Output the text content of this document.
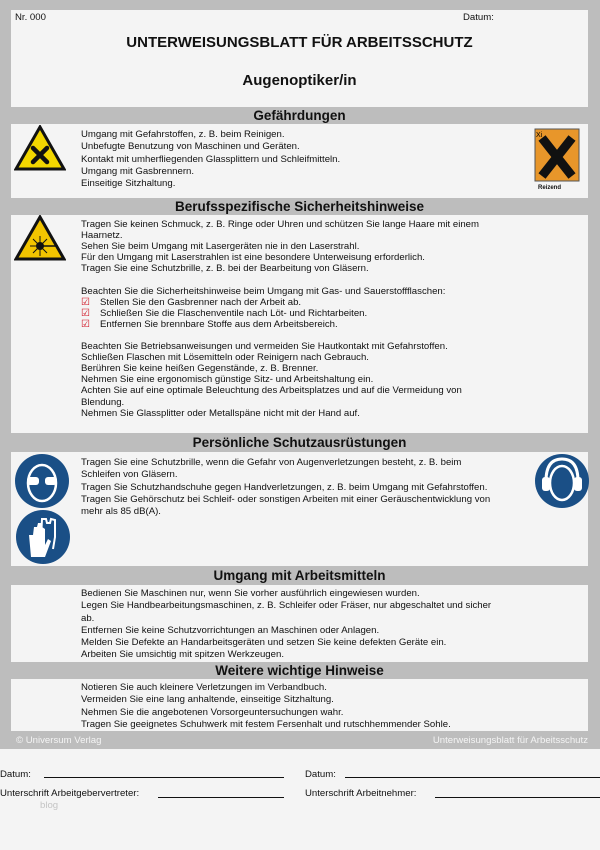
Nr. 000	Datum:
UNTERWEISUNGSBLATT FÜR ARBEITSSCHUTZ
Augenoptiker/in
Gefährdungen
Xi
Reizend
Umgang mit Gefahrstoffen, z. B. beim Reinigen.
Unbefugte Benutzung von Maschinen und Geräten.
Kontakt mit umherfliegenden Glassplittern und Schleifmitteln.
Umgang mit Gasbrennern.
Einseitige Sitzhaltung.
Berufsspezifische Sicherheitshinweise
Tragen Sie keinen Schmuck, z. B. Ringe oder Uhren und schützen Sie lange Haare mit einem
Haarnetz.
Sehen Sie beim Umgang mit Lasergeräten nie in den Laserstrahl.
Für den Umgang mit Laserstrahlen ist eine besondere Unterweisung erforderlich.
Tragen Sie eine Schutzbrille, z. B. bei der Bearbeitung von Gläsern.
Beachten Sie die Sicherheitshinweise beim Umgang mit Gas- und Sauerstoffflaschen:
☑ Stellen Sie den Gasbrenner nach der Arbeit ab.
☑ Schließen Sie die Flaschenventile nach Löt- und Richtarbeiten.
☑ Entfernen Sie brennbare Stoffe aus dem Arbeitsbereich.
Beachten Sie Betriebsanweisungen und vermeiden Sie Hautkontakt mit Gefahrstoffen.
Schließen Flaschen mit Lösemitteln oder Reinigern nach Gebrauch.
Berühren Sie keine heißen Gegenstände, z. B. Brenner.
Nehmen Sie eine ergonomisch günstige Sitz- und Arbeitshaltung ein.
Achten Sie auf eine optimale Beleuchtung des Arbeitsplatzes und auf die Vermeidung von
Blendung.
Nehmen Sie Glassplitter oder Metallspäne nicht mit der Hand auf.
Persönliche Schutzausrüstungen
Tragen Sie eine Schutzbrille, wenn die Gefahr von Augenverletzungen besteht, z. B. beim
Schleifen von Gläsern.
Tragen Sie Schutzhandschuhe gegen Handverletzungen, z. B. beim Umgang mit Gefahrstoffen.
Tragen Sie Gehörschutz bei Schleif- oder sonstigen Arbeiten mit einer Geräuschentwicklung von
mehr als 85 dB(A).
Umgang mit Arbeitsmitteln
Bedienen Sie Maschinen nur, wenn Sie vorher ausführlich eingewiesen wurden.
Legen Sie Handbearbeitungsmaschinen, z. B. Schleifer oder Fräser, nur abgeschaltet und sicher
ab.
Entfernen Sie keine Schutzvorrichtungen an Maschinen oder Anlagen.
Melden Sie Defekte an Handarbeitsgeräten und setzen Sie keine defekten Geräte ein.
Arbeiten Sie umsichtig mit spitzen Werkzeugen.
Weitere wichtige Hinweise
Notieren Sie auch kleinere Verletzungen im Verbandbuch.
Vermeiden Sie eine lang anhaltende, einseitige Sitzhaltung.
Nehmen Sie die angebotenen Vorsorgeuntersuchungen wahr.
Tragen Sie geeignetes Schuhwerk mit festem Fersenhalt und rutschhemmender Sohle.
© Universum Verlag	Unterweisungsblatt für Arbeitsschutz
Datum:	Datum:
Unterschrift Arbeitgebervertreter:	Unterschrift Arbeitnehmer:
blog
